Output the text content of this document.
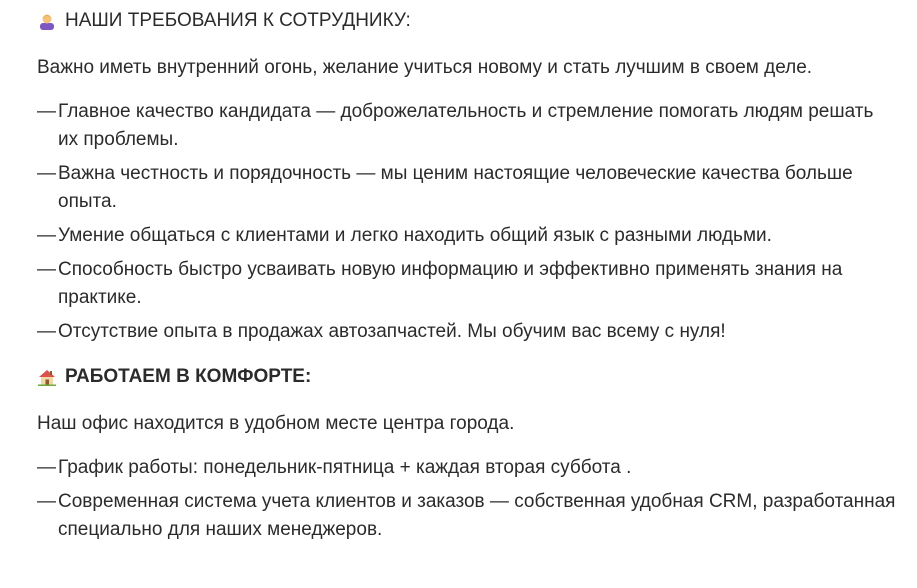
НАШИ ТРЕБОВАНИЯ К СОТРУДНИКУ:
Важно иметь внутренний огонь, желание учиться новому и стать лучшим в своем деле.
— Главное качество кандидата — доброжелательность и стремление помогать людям решать их проблемы.
— Важна честность и порядочность — мы ценим настоящие человеческие качества больше опыта.
— Умение общаться с клиентами и легко находить общий язык с разными людьми.
— Способность быстро усваивать новую информацию и эффективно применять знания на практике.
— Отсутствие опыта в продажах автозапчастей. Мы обучим вас всему с нуля!
РАБОТАЕМ В КОМФОРТЕ:
Наш офис находится в удобном месте центра города.
— График работы: понедельник-пятница + каждая вторая суббота .
— Современная система учета клиентов и заказов — собственная удобная CRM, разработанная специально для наших менеджеров.
